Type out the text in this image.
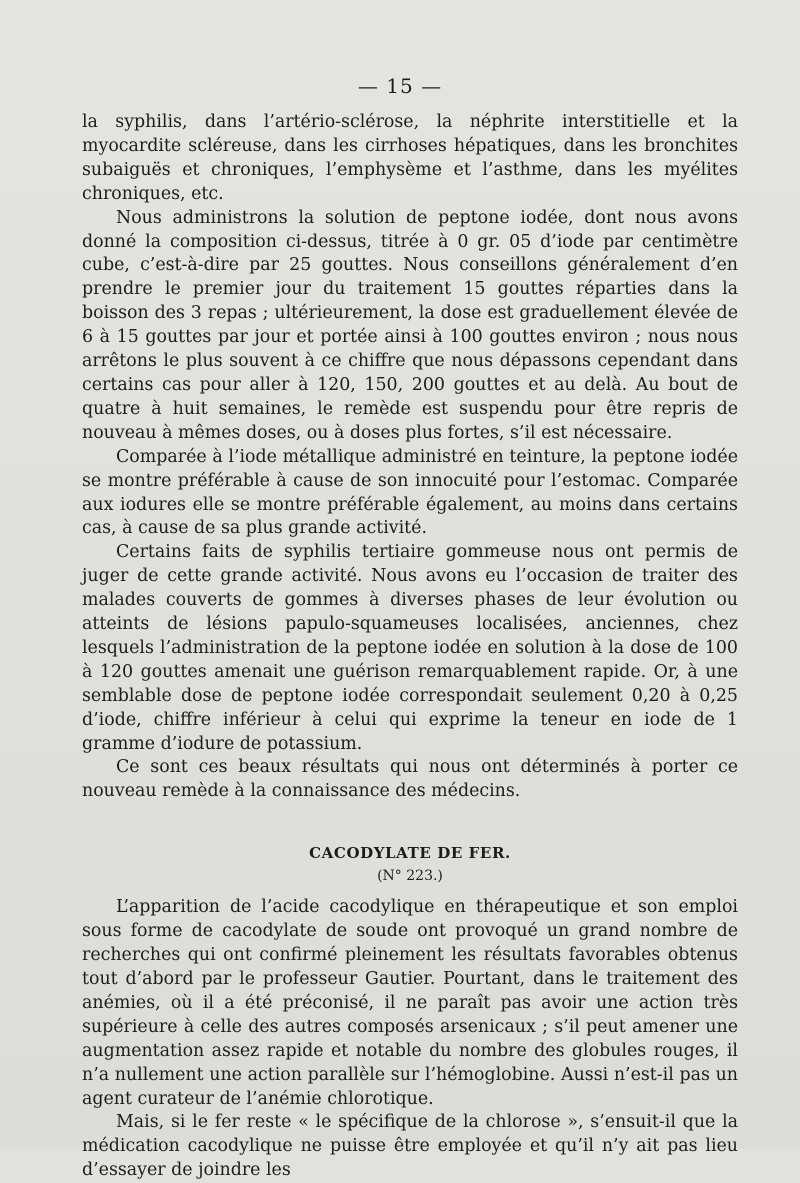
— 15 —

la syphilis, dans l’artério-sclérose, la néphrite interstitielle et la myocardite scléreuse, dans les cirrhoses hépatiques, dans les bronchites subaiguës et chroniques, l’emphysème et l’asthme, dans les myélites chroniques, etc.

Nous administrons la solution de peptone iodée, dont nous avons donné la composition ci-dessus, titrée à 0 gr. 05 d’iode par centimètre cube, c’est-à-dire par 25 gouttes. Nous conseillons généralement d’en prendre le premier jour du traitement 15 gouttes réparties dans la boisson des 3 repas ; ultérieurement, la dose est graduellement élevée de 6 à 15 gouttes par jour et portée ainsi à 100 gouttes environ ; nous nous arrêtons le plus souvent à ce chiffre que nous dépassons cependant dans certains cas pour aller à 120, 150, 200 gouttes et au delà. Au bout de quatre à huit semaines, le remède est suspendu pour être repris de nouveau à mêmes doses, ou à doses plus fortes, s’il est nécessaire.

Comparée à l’iode métallique administré en teinture, la peptone iodée se montre préférable à cause de son innocuité pour l’estomac. Comparée aux iodures elle se montre préférable également, au moins dans certains cas, à cause de sa plus grande activité.

Certains faits de syphilis tertiaire gommeuse nous ont permis de juger de cette grande activité. Nous avons eu l’occasion de traiter des malades couverts de gommes à diverses phases de leur évolution ou atteints de lésions papulo-squameuses localisées, anciennes, chez lesquels l’administration de la peptone iodée en solution à la dose de 100 à 120 gouttes amenait une guérison remarquablement rapide. Or, à une semblable dose de peptone iodée correspondait seulement 0,20 à 0,25 d’iode, chiffre inférieur à celui qui exprime la teneur en iode de 1 gramme d’iodure de potassium.

Ce sont ces beaux résultats qui nous ont déterminés à porter ce nouveau remède à la connaissance des médecins.

CACODYLATE DE FER.
(N° 223.)

L’apparition de l’acide cacodylique en thérapeutique et son emploi sous forme de cacodylate de soude ont provoqué un grand nombre de recherches qui ont confirmé pleinement les résultats favorables obtenus tout d’abord par le professeur Gautier. Pourtant, dans le traitement des anémies, où il a été préconisé, il ne paraît pas avoir une action très supérieure à celle des autres composés arsenicaux ; s’il peut amener une augmentation assez rapide et notable du nombre des globules rouges, il n’a nullement une action parallèle sur l’hémoglobine. Aussi n’est-il pas un agent curateur de l’anémie chlorotique.

Mais, si le fer reste « le spécifique de la chlorose », s’ensuit-il que la médication cacodylique ne puisse être employée et qu’il n’y ait pas lieu d’essayer de joindre les
